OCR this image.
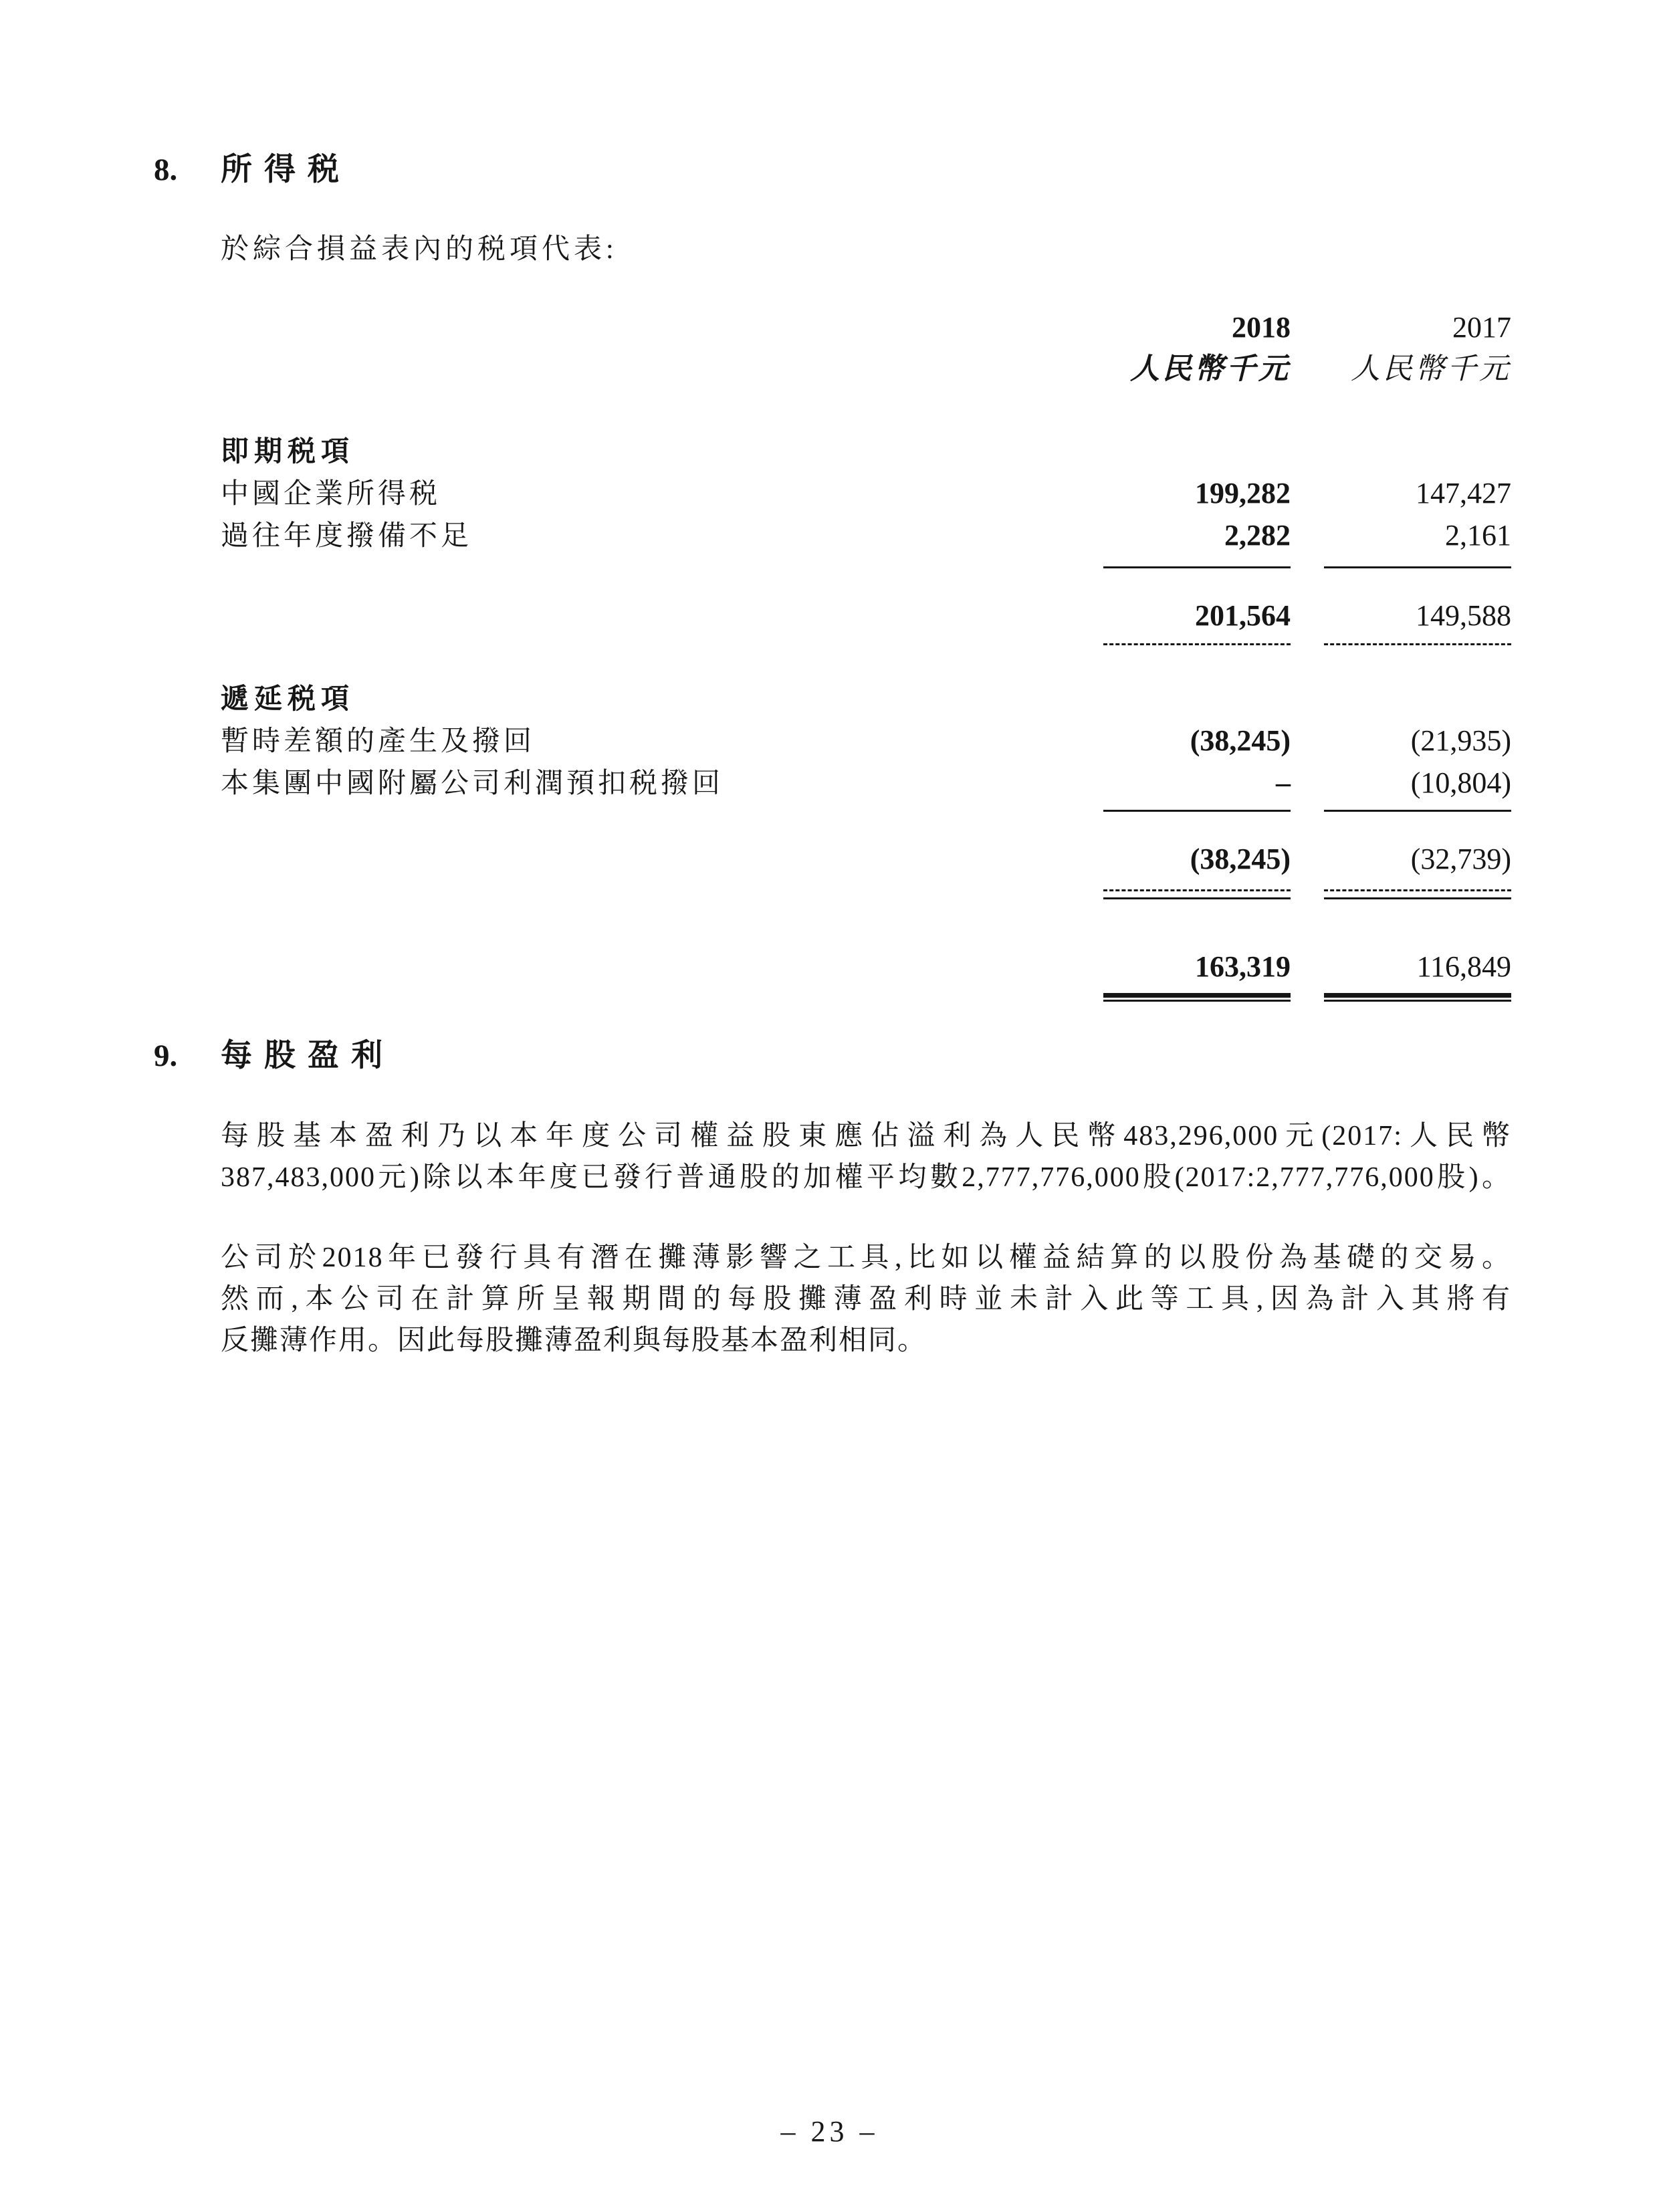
8.	所得税
於綜合損益表內的税項代表:
2018	2017
人民幣千元	人民幣千元
即期税項
中國企業所得税	199,282	147,427
過往年度撥備不足	2,282	2,161
201,564	149,588
遞延税項
暫時差額的產生及撥回	(38,245)	(21,935)
本集團中國附屬公司利潤預扣税撥回	–	(10,804)
(38,245)	(32,739)
163,319	116,849
9.	每股盈利
每股基本盈利乃以本年度公司權益股東應佔溢利為人民幣483,296,000元(2017:人民幣
387,483,000元)除以本年度已發行普通股的加權平均數2,777,776,000股(2017:2,777,776,000股)。
公司於2018年已發行具有潛在攤薄影響之工具,比如以權益結算的以股份為基礎的交易。
然而,本公司在計算所呈報期間的每股攤薄盈利時並未計入此等工具,因為計入其將有
反攤薄作用。因此每股攤薄盈利與每股基本盈利相同。
– 23 –
